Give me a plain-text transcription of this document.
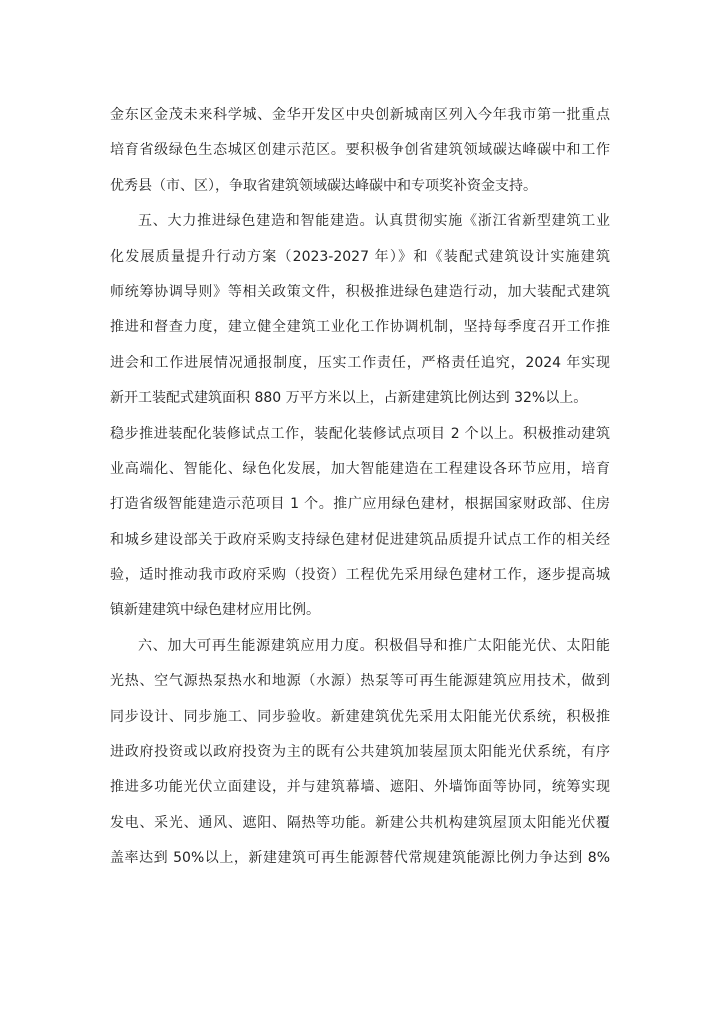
金东区金茂未来科学城、金华开发区中央创新城南区列入今年我市第一批重点
培育省级绿色生态城区创建示范区。要积极争创省建筑领域碳达峰碳中和工作
优秀县（市、区），争取省建筑领域碳达峰碳中和专项奖补资金支持。
五、大力推进绿色建造和智能建造。认真贯彻实施《浙江省新型建筑工业
化发展质量提升行动方案（2023-2027 年）》和《装配式建筑设计实施建筑
师统筹协调导则》等相关政策文件，积极推进绿色建造行动，加大装配式建筑
推进和督查力度，建立健全建筑工业化工作协调机制，坚持每季度召开工作推
进会和工作进展情况通报制度，压实工作责任，严格责任追究，2024 年实现
新开工装配式建筑面积 880 万平方米以上，占新建建筑比例达到 32%以上。
稳步推进装配化装修试点工作，装配化装修试点项目 2 个以上。积极推动建筑
业高端化、智能化、绿色化发展，加大智能建造在工程建设各环节应用，培育
打造省级智能建造示范项目 1 个。推广应用绿色建材，根据国家财政部、住房
和城乡建设部关于政府采购支持绿色建材促进建筑品质提升试点工作的相关经
验，适时推动我市政府采购（投资）工程优先采用绿色建材工作，逐步提高城
镇新建建筑中绿色建材应用比例。
六、加大可再生能源建筑应用力度。积极倡导和推广太阳能光伏、太阳能
光热、空气源热泵热水和地源（水源）热泵等可再生能源建筑应用技术，做到
同步设计、同步施工、同步验收。新建建筑优先采用太阳能光伏系统，积极推
进政府投资或以政府投资为主的既有公共建筑加装屋顶太阳能光伏系统，有序
推进多功能光伏立面建设，并与建筑幕墙、遮阳、外墙饰面等协同，统筹实现
发电、采光、通风、遮阳、隔热等功能。新建公共机构建筑屋顶太阳能光伏覆
盖率达到 50%以上，新建建筑可再生能源替代常规建筑能源比例力争达到 8%
